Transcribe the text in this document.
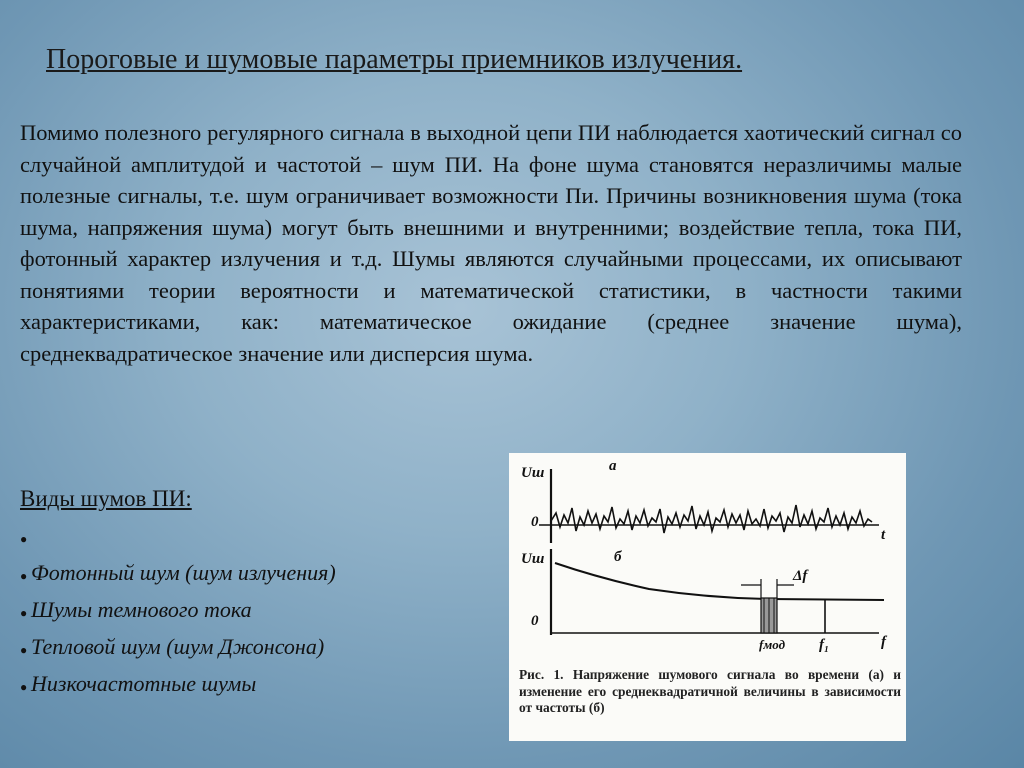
Пороговые и шумовые параметры приемников излучения.
Помимо полезного регулярного сигнала в выходной цепи ПИ наблюдается хаотический сигнал со случайной амплитудой и частотой – шум ПИ. На фоне шума становятся неразличимы малые полезные сигналы, т.е. шум ограничивает возможности Пи. Причины возникновения шума (тока шума, напряжения шума) могут быть внешними и внутренними; воздействие тепла, тока ПИ, фотонный характер излучения и т.д. Шумы являются случайными процессами, их описывают понятиями теории вероятности и математической статистики, в частности такими характеристиками, как: математическое ожидание (среднее значение шума), среднеквадратическое значение или дисперсия шума.
Виды шумов ПИ:
●
● Фотонный шум (шум излучения)
● Шумы темнового тока
● Тепловой шум (шум Джонсона)
● Низкочастотные шумы
Uш	а
0
t
Uш	б
0
Δf
fмод f₁	f
Рис. 1. Напряжение шумового сигнала во времени (а) и изменение его среднеквадратичной величины в зависимости от частоты (б)
